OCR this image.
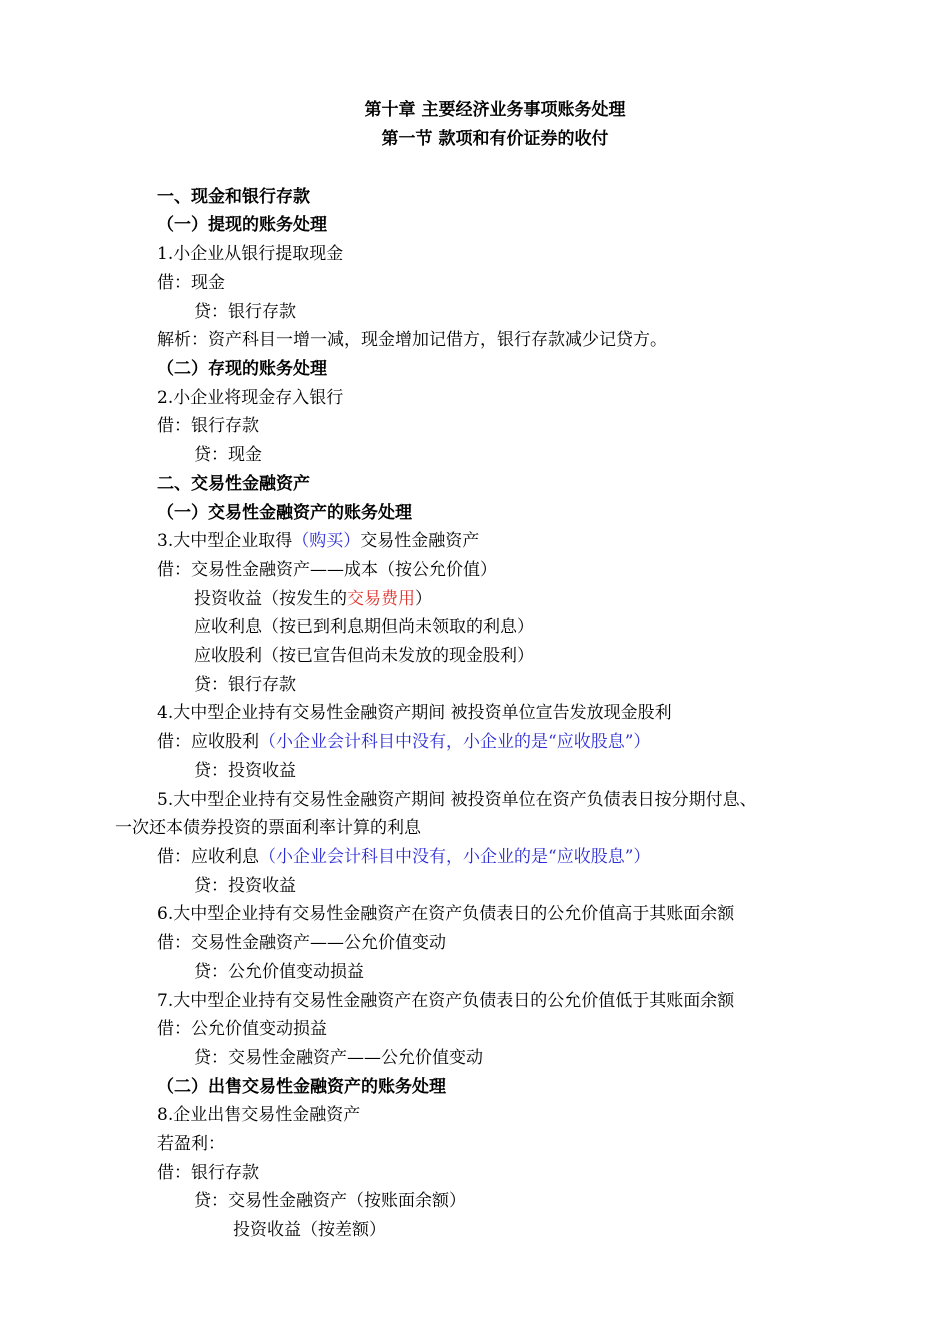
第十章 主要经济业务事项账务处理
第一节 款项和有价证券的收付
一、现金和银行存款
（一）提现的账务处理
1.小企业从银行提取现金
借：现金
贷：银行存款
解析：资产科目一增一减，现金增加记借方，银行存款减少记贷方。
（二）存现的账务处理
2.小企业将现金存入银行
借：银行存款
贷：现金
二、交易性金融资产
（一）交易性金融资产的账务处理
3.大中型企业取得（购买）交易性金融资产
借：交易性金融资产——成本（按公允价值）
投资收益（按发生的交易费用）
应收利息（按已到利息期但尚未领取的利息）
应收股利（按已宣告但尚未发放的现金股利）
贷：银行存款
4.大中型企业持有交易性金融资产期间 被投资单位宣告发放现金股利
借：应收股利（小企业会计科目中没有，小企业的是“应收股息”）
贷：投资收益
5.大中型企业持有交易性金融资产期间 被投资单位在资产负债表日按分期付息、
一次还本债券投资的票面利率计算的利息
借：应收利息（小企业会计科目中没有，小企业的是“应收股息”）
贷：投资收益
6.大中型企业持有交易性金融资产在资产负债表日的公允价值高于其账面余额
借：交易性金融资产——公允价值变动
贷：公允价值变动损益
7.大中型企业持有交易性金融资产在资产负债表日的公允价值低于其账面余额
借：公允价值变动损益
贷：交易性金融资产——公允价值变动
（二）出售交易性金融资产的账务处理
8.企业出售交易性金融资产
若盈利：
借：银行存款
贷：交易性金融资产（按账面余额）
投资收益（按差额）
